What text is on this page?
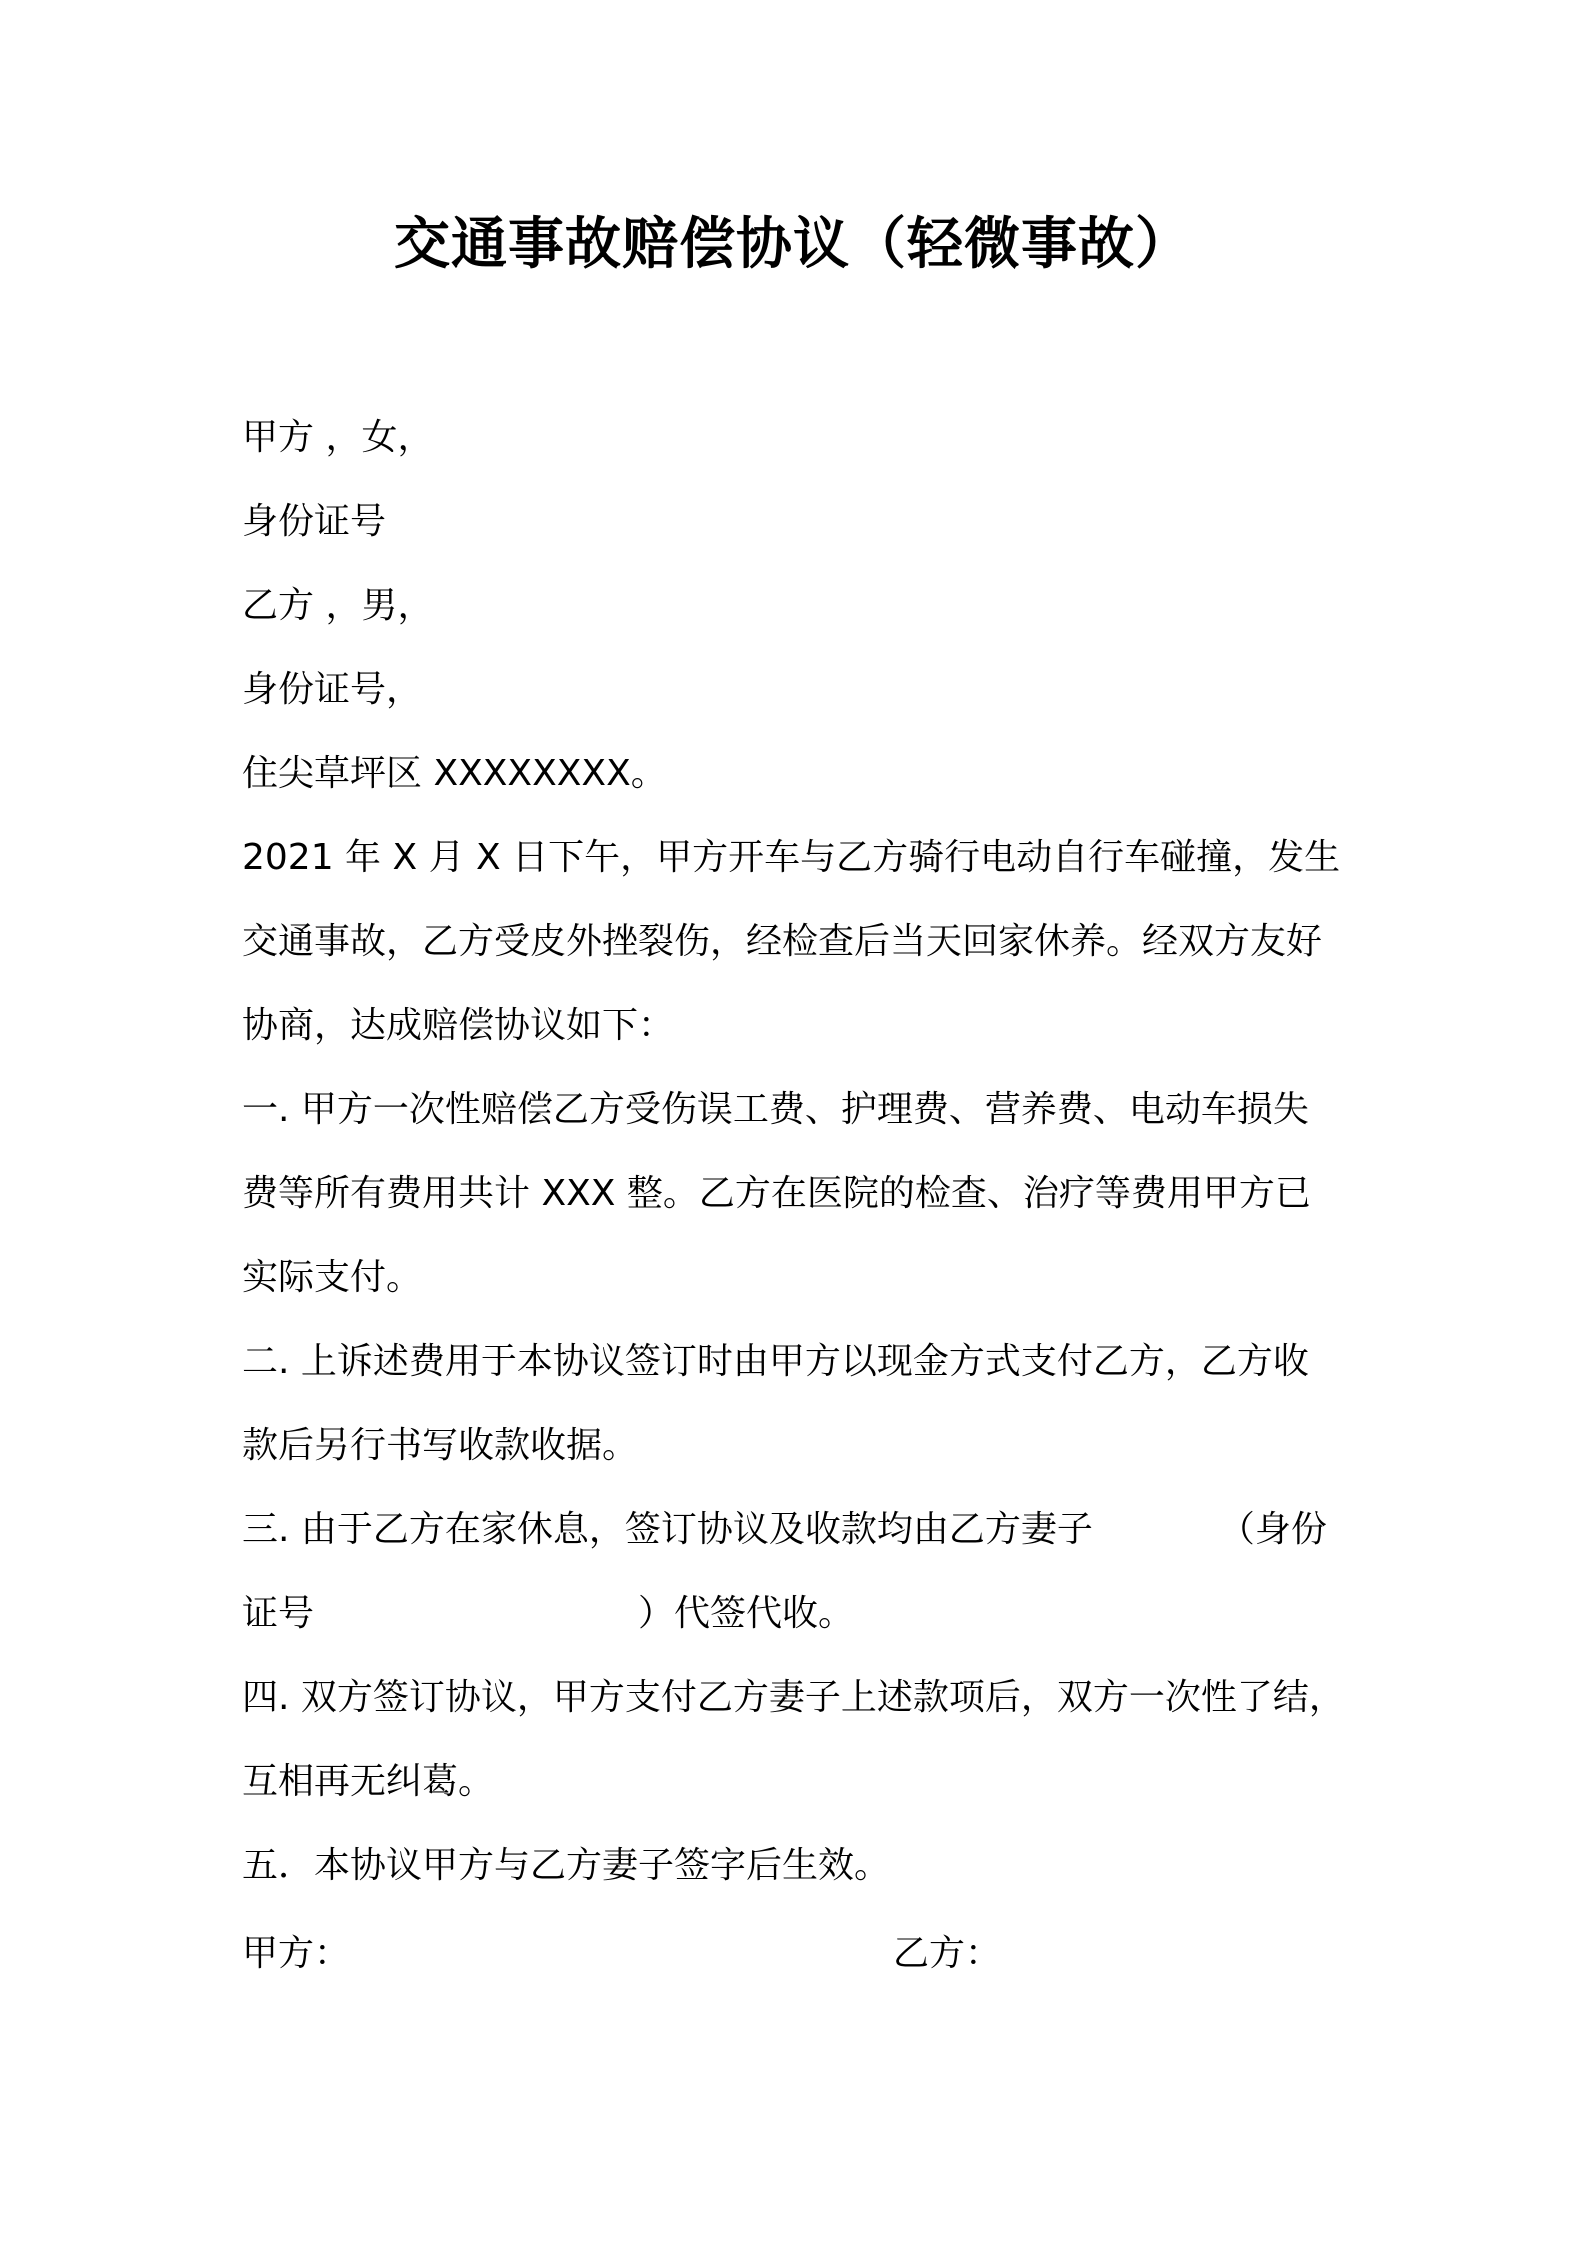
交通事故赔偿协议（轻微事故）
甲方 ，女，
身份证号
乙方 ，男，
身份证号，
住尖草坪区 XXXXXXXX。
2021 年 X 月 X 日下午，甲方开车与乙方骑行电动自行车碰撞，发生
交通事故，乙方受皮外挫裂伤，经检查后当天回家休养。经双方友好
协商，达成赔偿协议如下：
一. 甲方一次性赔偿乙方受伤误工费、护理费、营养费、电动车损失
费等所有费用共计 XXX 整。乙方在医院的检查、治疗等费用甲方已
实际支付。
二. 上诉述费用于本协议签订时由甲方以现金方式支付乙方，乙方收
款后另行书写收款收据。
三. 由于乙方在家休息，签订协议及收款均由乙方妻子　　　　（身份
证号　　　　　　　　　）代签代收。
四. 双方签订协议，甲方支付乙方妻子上述款项后，双方一次性了结，
互相再无纠葛。
五．本协议甲方与乙方妻子签字后生效。
甲方：	乙方：
